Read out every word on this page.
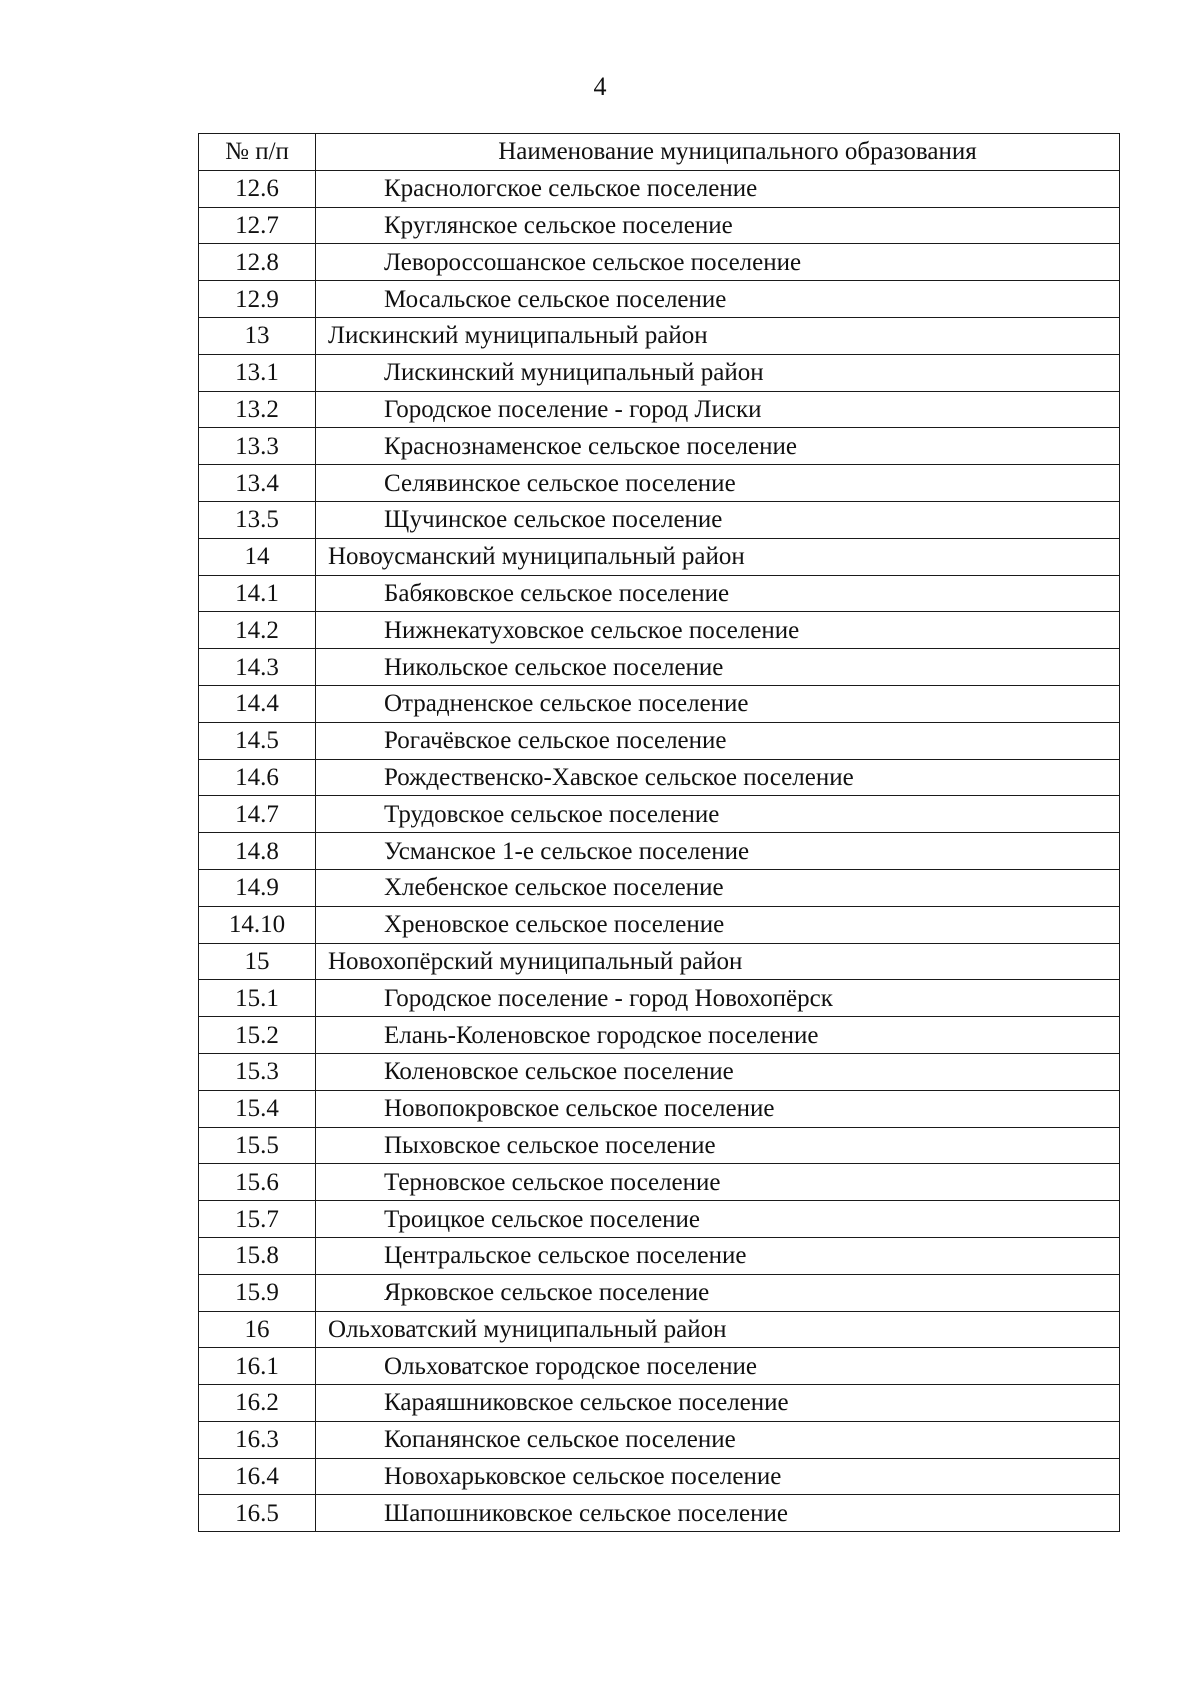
4
№ п/п	Наименование муниципального образования
12.6	Краснологское сельское поселение
12.7	Круглянское сельское поселение
12.8	Левороссошанское сельское поселение
12.9	Мосальское сельское поселение
13	Лискинский муниципальный район
13.1	Лискинский муниципальный район
13.2	Городское поселение - город Лиски
13.3	Краснознаменское сельское поселение
13.4	Селявинское сельское поселение
13.5	Щучинское сельское поселение
14	Новоусманский муниципальный район
14.1	Бабяковское сельское поселение
14.2	Нижнекатуховское сельское поселение
14.3	Никольское сельское поселение
14.4	Отрадненское сельское поселение
14.5	Рогачёвское сельское поселение
14.6	Рождественско-Хавское сельское поселение
14.7	Трудовское сельское поселение
14.8	Усманское 1-е сельское поселение
14.9	Хлебенское сельское поселение
14.10	Хреновское сельское поселение
15	Новохопёрский муниципальный район
15.1	Городское поселение - город Новохопёрск
15.2	Елань-Коленовское городское поселение
15.3	Коленовское сельское поселение
15.4	Новопокровское сельское поселение
15.5	Пыховское сельское поселение
15.6	Терновское сельское поселение
15.7	Троицкое сельское поселение
15.8	Центральское сельское поселение
15.9	Ярковское сельское поселение
16	Ольховатский муниципальный район
16.1	Ольховатское городское поселение
16.2	Караяшниковское сельское поселение
16.3	Копанянское сельское поселение
16.4	Новохарьковское сельское поселение
16.5	Шапошниковское сельское поселение
